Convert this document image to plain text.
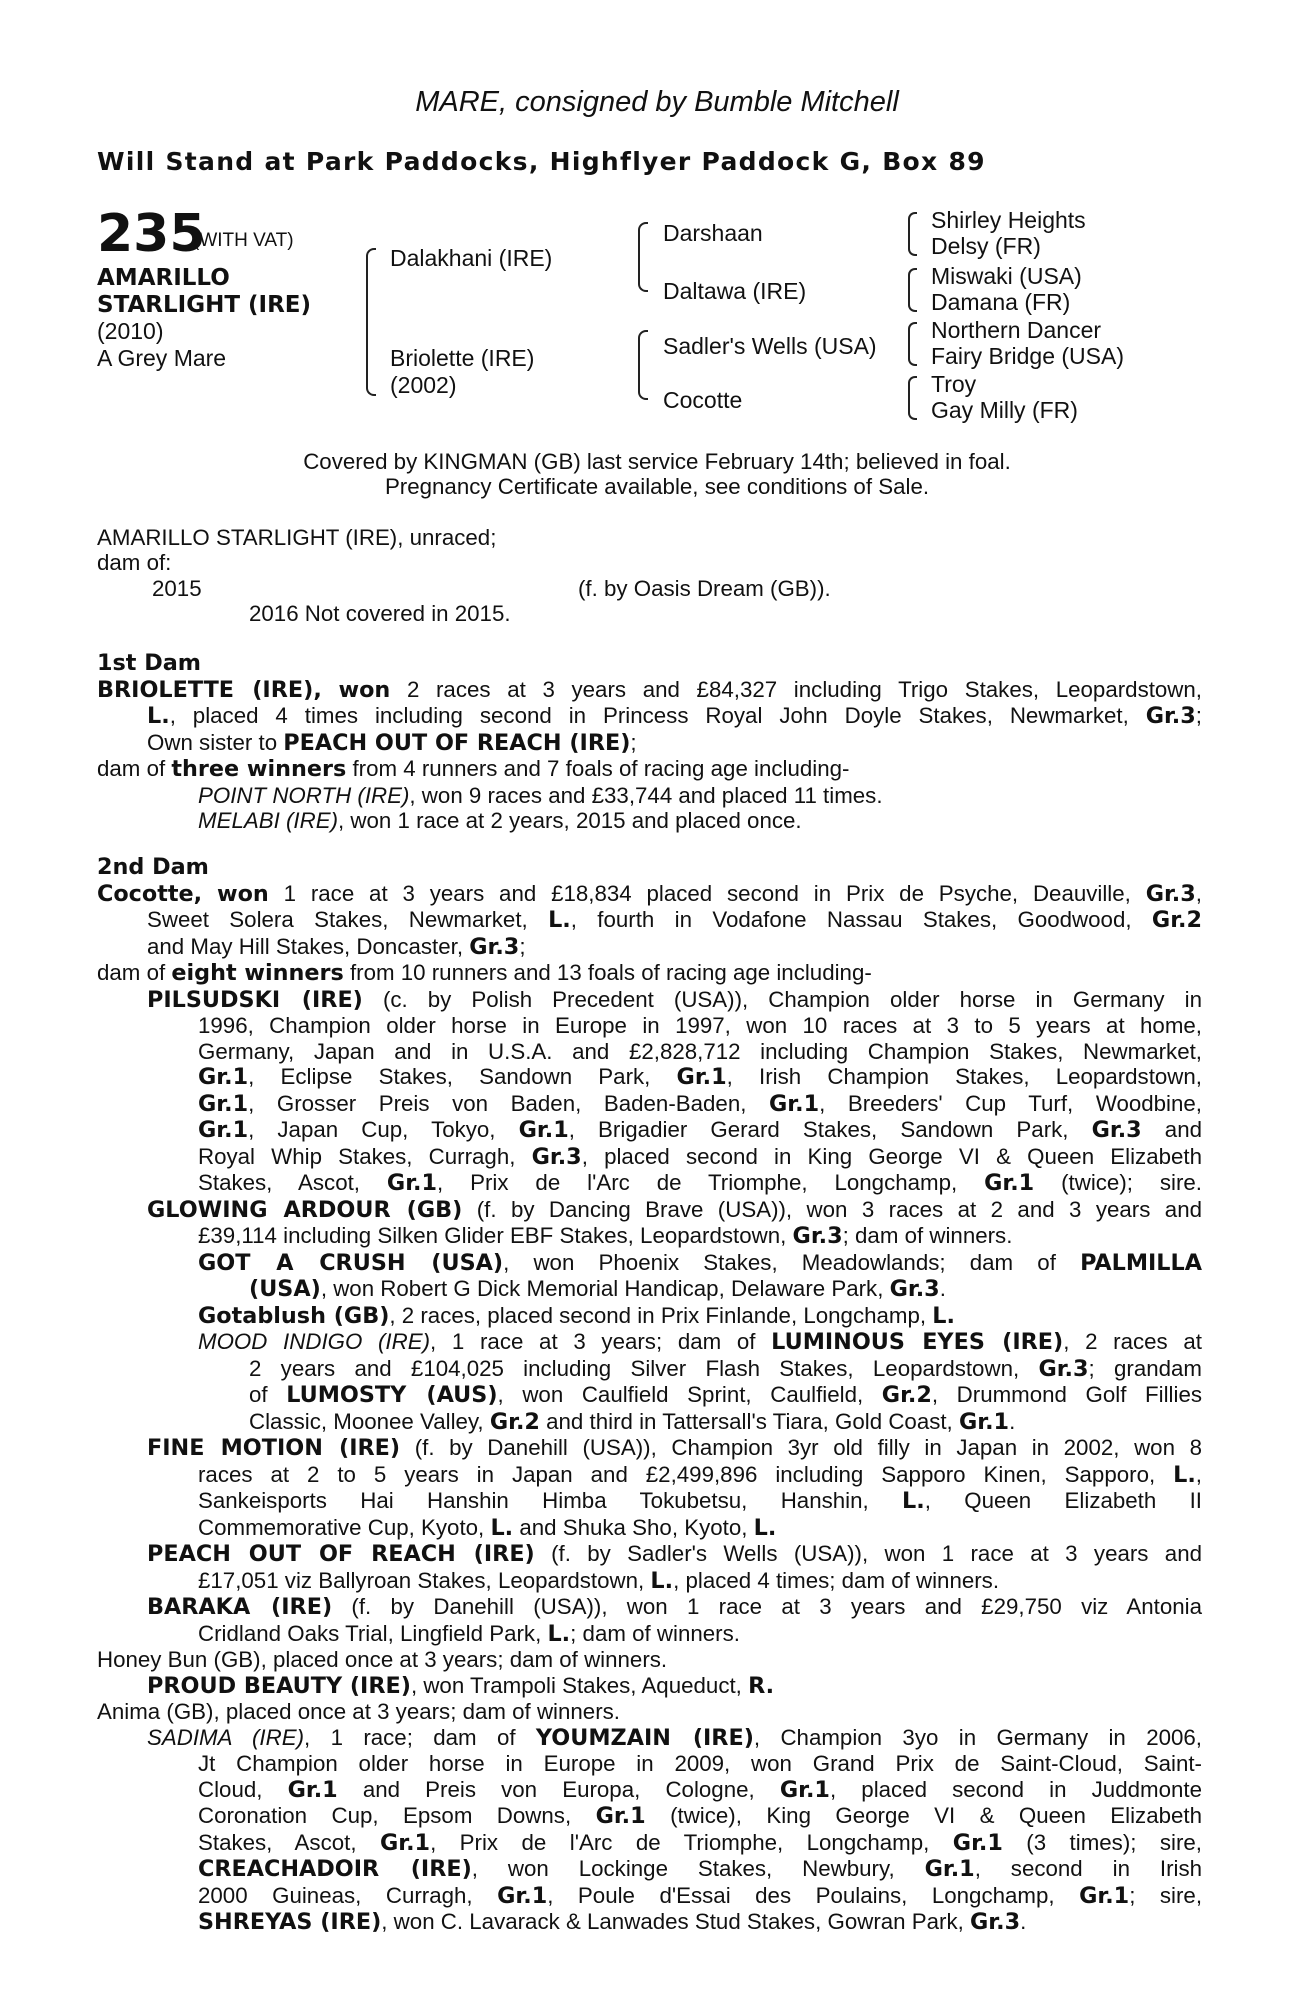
MARE, consigned by Bumble Mitchell
Will Stand at Park Paddocks, Highflyer Paddock G, Box 89
235
(WITH VAT)
AMARILLO
STARLIGHT (IRE)
(2010)
A Grey Mare
Dalakhani (IRE)
Briolette (IRE)
(2002)
Darshaan
Daltawa (IRE)
Sadler's Wells (USA)
Cocotte
Shirley Heights
Delsy (FR)
Miswaki (USA)
Damana (FR)
Northern Dancer
Fairy Bridge (USA)
Troy
Gay Milly (FR)
Covered by KINGMAN (GB) last service February 14th; believed in foal.
Pregnancy Certificate available, see conditions of Sale.
AMARILLO STARLIGHT (IRE), unraced;
dam of:
2015	(f. by Oasis Dream (GB)).
2016 Not covered in 2015.
1st Dam
BRIOLETTE (IRE), won 2 races at 3 years and £84,327 including Trigo Stakes, Leopardstown,
L., placed 4 times including second in Princess Royal John Doyle Stakes, Newmarket, Gr.3;
Own sister to PEACH OUT OF REACH (IRE);
dam of three winners from 4 runners and 7 foals of racing age including-
POINT NORTH (IRE), won 9 races and £33,744 and placed 11 times.
MELABI (IRE), won 1 race at 2 years, 2015 and placed once.
2nd Dam
Cocotte, won 1 race at 3 years and £18,834 placed second in Prix de Psyche, Deauville, Gr.3,
Sweet Solera Stakes, Newmarket, L., fourth in Vodafone Nassau Stakes, Goodwood, Gr.2
and May Hill Stakes, Doncaster, Gr.3;
dam of eight winners from 10 runners and 13 foals of racing age including-
PILSUDSKI (IRE) (c. by Polish Precedent (USA)), Champion older horse in Germany in
1996, Champion older horse in Europe in 1997, won 10 races at 3 to 5 years at home,
Germany, Japan and in U.S.A. and £2,828,712 including Champion Stakes, Newmarket,
Gr.1, Eclipse Stakes, Sandown Park, Gr.1, Irish Champion Stakes, Leopardstown,
Gr.1, Grosser Preis von Baden, Baden-Baden, Gr.1, Breeders' Cup Turf, Woodbine,
Gr.1, Japan Cup, Tokyo, Gr.1, Brigadier Gerard Stakes, Sandown Park, Gr.3 and
Royal Whip Stakes, Curragh, Gr.3, placed second in King George VI & Queen Elizabeth
Stakes, Ascot, Gr.1, Prix de l'Arc de Triomphe, Longchamp, Gr.1 (twice); sire.
GLOWING ARDOUR (GB) (f. by Dancing Brave (USA)), won 3 races at 2 and 3 years and
£39,114 including Silken Glider EBF Stakes, Leopardstown, Gr.3; dam of winners.
GOT A CRUSH (USA), won Phoenix Stakes, Meadowlands; dam of PALMILLA
(USA), won Robert G Dick Memorial Handicap, Delaware Park, Gr.3.
Gotablush (GB), 2 races, placed second in Prix Finlande, Longchamp, L.
MOOD INDIGO (IRE), 1 race at 3 years; dam of LUMINOUS EYES (IRE), 2 races at
2 years and £104,025 including Silver Flash Stakes, Leopardstown, Gr.3; grandam
of LUMOSTY (AUS), won Caulfield Sprint, Caulfield, Gr.2, Drummond Golf Fillies
Classic, Moonee Valley, Gr.2 and third in Tattersall's Tiara, Gold Coast, Gr.1.
FINE MOTION (IRE) (f. by Danehill (USA)), Champion 3yr old filly in Japan in 2002, won 8
races at 2 to 5 years in Japan and £2,499,896 including Sapporo Kinen, Sapporo, L.,
Sankeisports Hai Hanshin Himba Tokubetsu, Hanshin, L., Queen Elizabeth II
Commemorative Cup, Kyoto, L. and Shuka Sho, Kyoto, L.
PEACH OUT OF REACH (IRE) (f. by Sadler's Wells (USA)), won 1 race at 3 years and
£17,051 viz Ballyroan Stakes, Leopardstown, L., placed 4 times; dam of winners.
BARAKA (IRE) (f. by Danehill (USA)), won 1 race at 3 years and £29,750 viz Antonia
Cridland Oaks Trial, Lingfield Park, L.; dam of winners.
Honey Bun (GB), placed once at 3 years; dam of winners.
PROUD BEAUTY (IRE), won Trampoli Stakes, Aqueduct, R.
Anima (GB), placed once at 3 years; dam of winners.
SADIMA (IRE), 1 race; dam of YOUMZAIN (IRE), Champion 3yo in Germany in 2006,
Jt Champion older horse in Europe in 2009, won Grand Prix de Saint-Cloud, Saint-
Cloud, Gr.1 and Preis von Europa, Cologne, Gr.1, placed second in Juddmonte
Coronation Cup, Epsom Downs, Gr.1 (twice), King George VI & Queen Elizabeth
Stakes, Ascot, Gr.1, Prix de l'Arc de Triomphe, Longchamp, Gr.1 (3 times); sire,
CREACHADOIR (IRE), won Lockinge Stakes, Newbury, Gr.1, second in Irish
2000 Guineas, Curragh, Gr.1, Poule d'Essai des Poulains, Longchamp, Gr.1; sire,
SHREYAS (IRE), won C. Lavarack & Lanwades Stud Stakes, Gowran Park, Gr.3.
